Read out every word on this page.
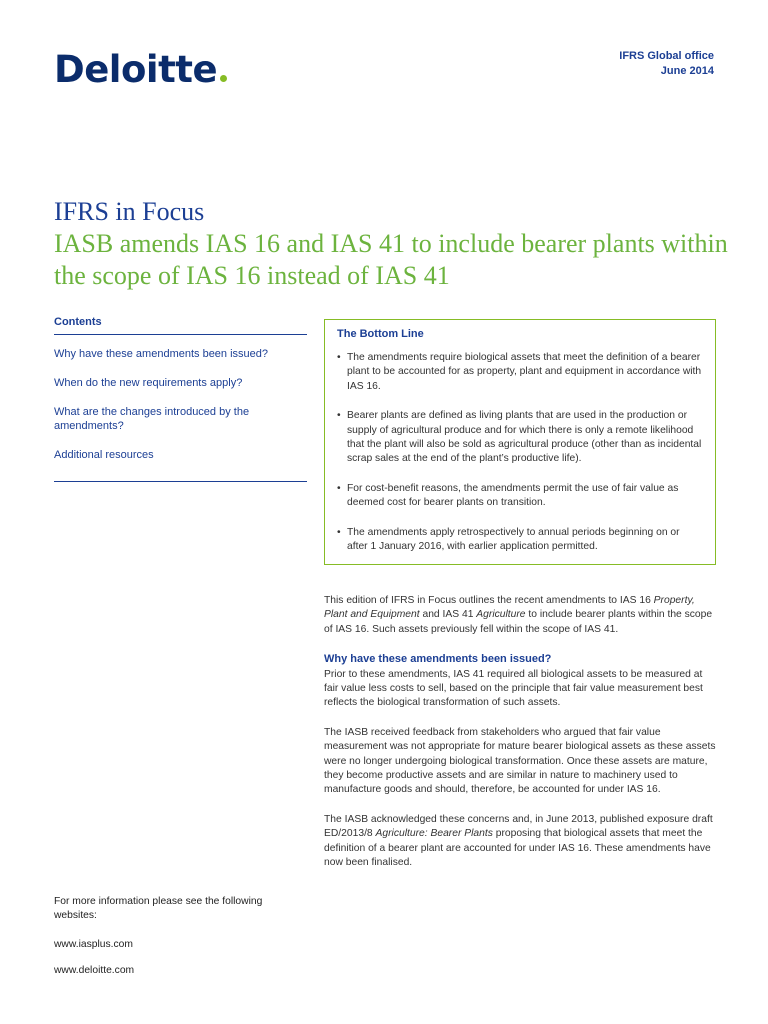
Deloitte	IFRS Global office
June 2014
IFRS in Focus
IASB amends IAS 16 and IAS 41 to include bearer plants within the scope of IAS 16 instead of IAS 41
Contents
Why have these amendments been issued?
When do the new requirements apply?
What are the changes introduced by the amendments?
Additional resources
The Bottom Line
• The amendments require biological assets that meet the definition of a bearer plant to be accounted for as property, plant and equipment in accordance with IAS 16.
• Bearer plants are defined as living plants that are used in the production or supply of agricultural produce and for which there is only a remote likelihood that the plant will also be sold as agricultural produce (other than as incidental scrap sales at the end of the plant’s productive life).
• For cost-benefit reasons, the amendments permit the use of fair value as deemed cost for bearer plants on transition.
• The amendments apply retrospectively to annual periods beginning on or after 1 January 2016, with earlier application permitted.

This edition of IFRS in Focus outlines the recent amendments to IAS 16 Property, Plant and Equipment and IAS 41 Agriculture to include bearer plants within the scope of IAS 16. Such assets previously fell within the scope of IAS 41.

Why have these amendments been issued?

Prior to these amendments, IAS 41 required all biological assets to be measured at fair value less costs to sell, based on the principle that fair value measurement best reflects the biological transformation of such assets.

The IASB received feedback from stakeholders who argued that fair value measurement was not appropriate for mature bearer biological assets as these assets were no longer undergoing biological transformation. Once these assets are mature, they become productive assets and are similar in nature to machinery used to manufacture goods and should, therefore, be accounted for under IAS 16.

The IASB acknowledged these concerns and, in June 2013, published exposure draft ED/2013/8 Agriculture: Bearer Plants proposing that biological assets that meet the definition of a bearer plant are accounted for under IAS 16. These amendments have now been finalised.

For more information please see the following websites:
www.iasplus.com
www.deloitte.com
